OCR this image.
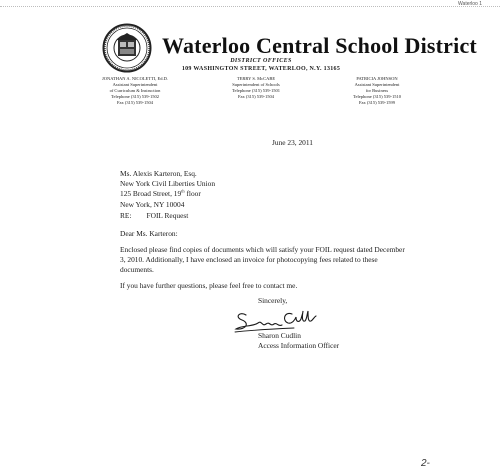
Waterloo 1
Waterloo Central School District
DISTRICT OFFICES
109 WASHINGTON STREET, WATERLOO, N.Y. 13165
JONATHAN A. NICOLETTI, Ed.D.
Assistant Superintendent
of Curriculum & Instruction
Telephone (315) 539-1502
Fax (315) 539-1504
TERRY S. McCABE
Superintendent of Schools
Telephone (315) 539-1501
Fax (315) 539-1504
PATRICIA JOHNSON
Assistant Superintendent
for Business
Telephone (315) 539-1510
Fax (315) 539-1599
June 23, 2011
Ms. Alexis Karteron, Esq.
New York Civil Liberties Union
125 Broad Street, 19th floor
New York, NY 10004
RE: FOIL Request
Dear Ms. Karteron:
Enclosed please find copies of documents which will satisfy your FOIL request dated December
3, 2010. Additionally, I have enclosed an invoice for photocopying fees related to these
documents.
If you have further questions, please feel free to contact me.
Sincerely,
Sharon Cudlin
Access Information Officer
2-
